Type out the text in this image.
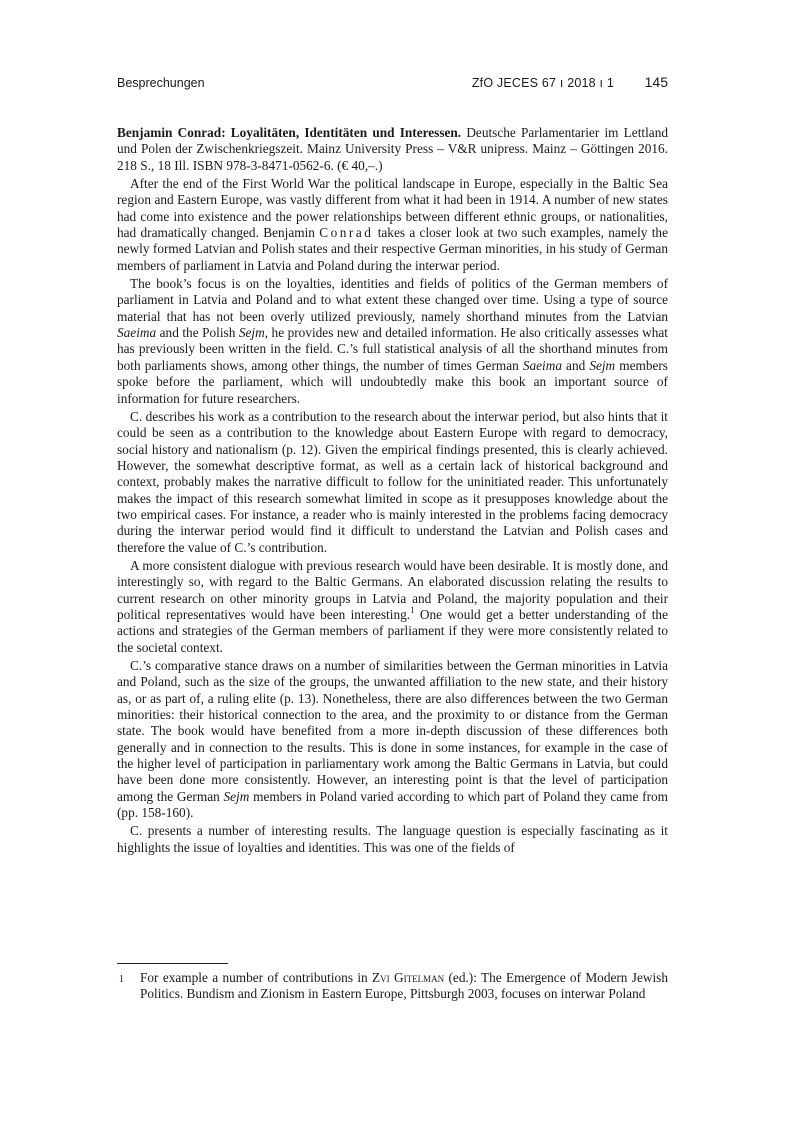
Besprechungen	ZfO JECES 67 ı 2018 ı 1 145

Benjamin Conrad: Loyalitäten, Identitäten und Interessen. Deutsche Parlamentarier im Lettland und Polen der Zwischenkriegszeit. Mainz University Press – V&R unipress. Mainz – Göttingen 2016. 218 S., 18 Ill. ISBN 978-3-8471-0562-6. (€ 40,–.)

After the end of the First World War the political landscape in Europe, especially in the Baltic Sea region and Eastern Europe, was vastly different from what it had been in 1914. A number of new states had come into existence and the power relationships between different ethnic groups, or nationalities, had dramatically changed. Benjamin Conrad takes a closer look at two such examples, namely the newly formed Latvian and Polish states and their respective German minorities, in his study of German members of parliament in Latvia and Poland during the interwar period.

The book’s focus is on the loyalties, identities and fields of politics of the German members of parliament in Latvia and Poland and to what extent these changed over time. Using a type of source material that has not been overly utilized previously, namely shorthand minutes from the Latvian Saeima and the Polish Sejm, he provides new and detailed information. He also critically assesses what has previously been written in the field. C.’s full statistical analysis of all the shorthand minutes from both parliaments shows, among other things, the number of times German Saeima and Sejm members spoke before the parliament, which will undoubtedly make this book an important source of information for future researchers.

C. describes his work as a contribution to the research about the interwar period, but also hints that it could be seen as a contribution to the knowledge about Eastern Europe with regard to democracy, social history and nationalism (p. 12). Given the empirical findings presented, this is clearly achieved. However, the somewhat descriptive format, as well as a certain lack of historical background and context, probably makes the narrative difficult to follow for the uninitiated reader. This unfortunately makes the impact of this research somewhat limited in scope as it presupposes knowledge about the two empirical cases. For instance, a reader who is mainly interested in the problems facing democracy during the interwar period would find it difficult to understand the Latvian and Polish cases and therefore the value of C.’s contribution.

A more consistent dialogue with previous research would have been desirable. It is mostly done, and interestingly so, with regard to the Baltic Germans. An elaborated discussion relating the results to current research on other minority groups in Latvia and Poland, the majority population and their political representatives would have been interesting.$^1$ One would get a better understanding of the actions and strategies of the German members of parliament if they were more consistently related to the societal context.

C.’s comparative stance draws on a number of similarities between the German minorities in Latvia and Poland, such as the size of the groups, the unwanted affiliation to the new state, and their history as, or as part of, a ruling elite (p. 13). Nonetheless, there are also differences between the two German minorities: their historical connection to the area, and the proximity to or distance from the German state. The book would have benefited from a more in-depth discussion of these differences both generally and in connection to the results. This is done in some instances, for example in the case of the higher level of participation in parliamentary work among the Baltic Germans in Latvia, but could have been done more consistently. However, an interesting point is that the level of participation among the German Sejm members in Poland varied according to which part of Poland they came from (pp. 158-160).

C. presents a number of interesting results. The language question is especially fascinating as it highlights the issue of loyalties and identities. This was one of the fields of

1 For example a number of contributions in Zvi Gitelman (ed.): The Emergence of Modern Jewish Politics. Bundism and Zionism in Eastern Europe, Pittsburgh 2003, focuses on interwar Poland
